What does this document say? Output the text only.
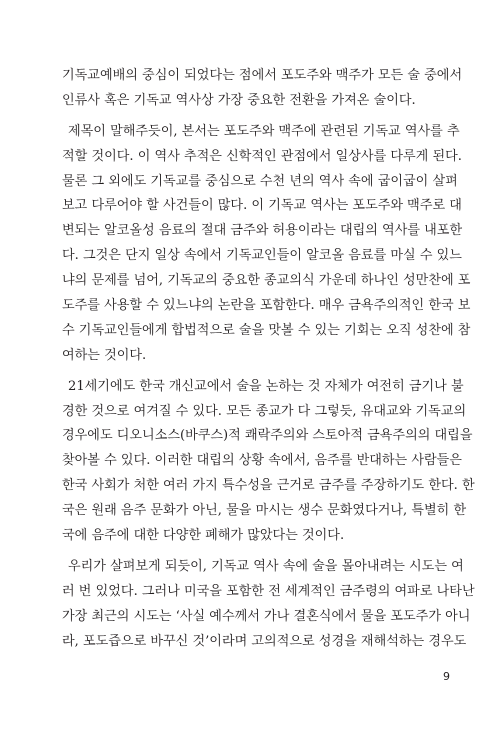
기독교예배의 중심이 되었다는 점에서 포도주와 맥주가 모든 술 중에서
인류사 혹은 기독교 역사상 가장 중요한 전환을 가져온 술이다.
제목이 말해주듯이, 본서는 포도주와 맥주에 관련된 기독교 역사를 추
적할 것이다. 이 역사 추적은 신학적인 관점에서 일상사를 다루게 된다.
물론 그 외에도 기독교를 중심으로 수천 년의 역사 속에 굽이굽이 살펴
보고 다루어야 할 사건들이 많다. 이 기독교 역사는 포도주와 맥주로 대
변되는 알코올성 음료의 절대 금주와 허용이라는 대립의 역사를 내포한
다. 그것은 단지 일상 속에서 기독교인들이 알코올 음료를 마실 수 있느
냐의 문제를 넘어, 기독교의 중요한 종교의식 가운데 하나인 성만찬에 포
도주를 사용할 수 있느냐의 논란을 포함한다. 매우 금욕주의적인 한국 보
수 기독교인들에게 합법적으로 술을 맛볼 수 있는 기회는 오직 성찬에 참
여하는 것이다.
21세기에도 한국 개신교에서 술을 논하는 것 자체가 여전히 금기나 불
경한 것으로 여겨질 수 있다. 모든 종교가 다 그렇듯, 유대교와 기독교의
경우에도 디오니소스(바쿠스)적 쾌락주의와 스토아적 금욕주의의 대립을
찾아볼 수 있다. 이러한 대립의 상황 속에서, 음주를 반대하는 사람들은
한국 사회가 처한 여러 가지 특수성을 근거로 금주를 주장하기도 한다. 한
국은 원래 음주 문화가 아닌, 물을 마시는 생수 문화였다거나, 특별히 한
국에 음주에 대한 다양한 폐해가 많았다는 것이다.
우리가 살펴보게 되듯이, 기독교 역사 속에 술을 몰아내려는 시도는 여
러 번 있었다. 그러나 미국을 포함한 전 세계적인 금주령의 여파로 나타난
가장 최근의 시도는 ‘사실 예수께서 가나 결혼식에서 물을 포도주가 아니
라, 포도즙으로 바꾸신 것’이라며 고의적으로 성경을 재해석하는 경우도
9
